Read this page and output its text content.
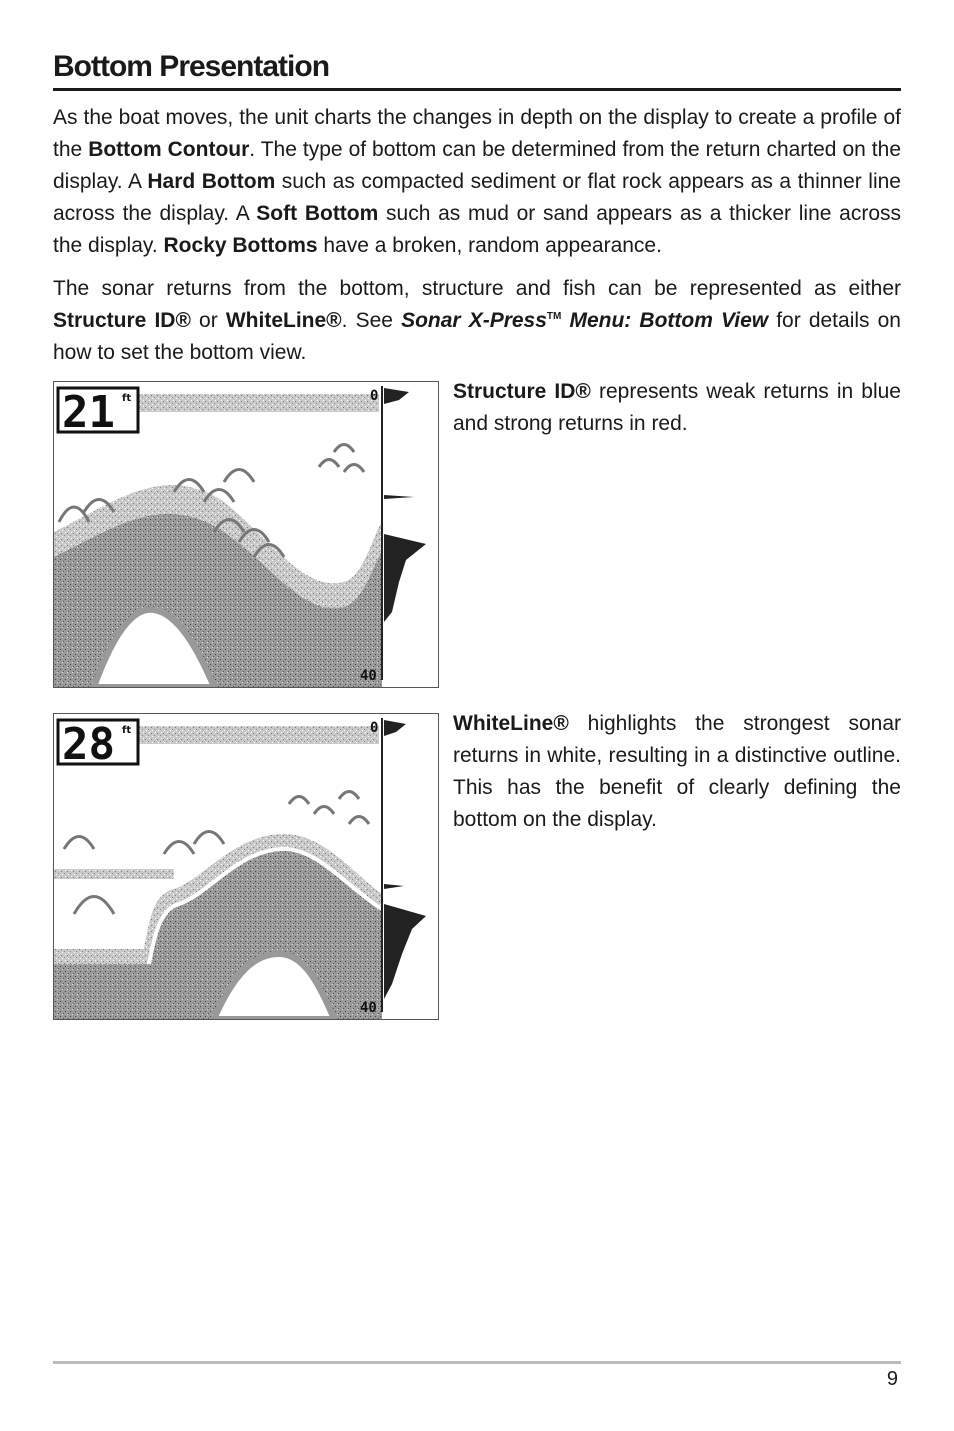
Bottom Presentation
As the boat moves, the unit charts the changes in depth on the display to create a profile of the Bottom Contour. The type of bottom can be determined from the return charted on the display. A Hard Bottom such as compacted sediment or flat rock appears as a thinner line across the display. A Soft Bottom such as mud or sand appears as a thicker line across the display. Rocky Bottoms have a broken, random appearance.
The sonar returns from the bottom, structure and fish can be represented as either Structure ID® or WhiteLine®. See Sonar X-Press™ Menu: Bottom View for details on how to set the bottom view.
21 ft	0
40
Structure ID® represents weak returns in blue and strong returns in red.
28 ft	0
40
WhiteLine® highlights the strongest sonar returns in white, resulting in a distinctive outline. This has the benefit of clearly defining the bottom on the display.
9
